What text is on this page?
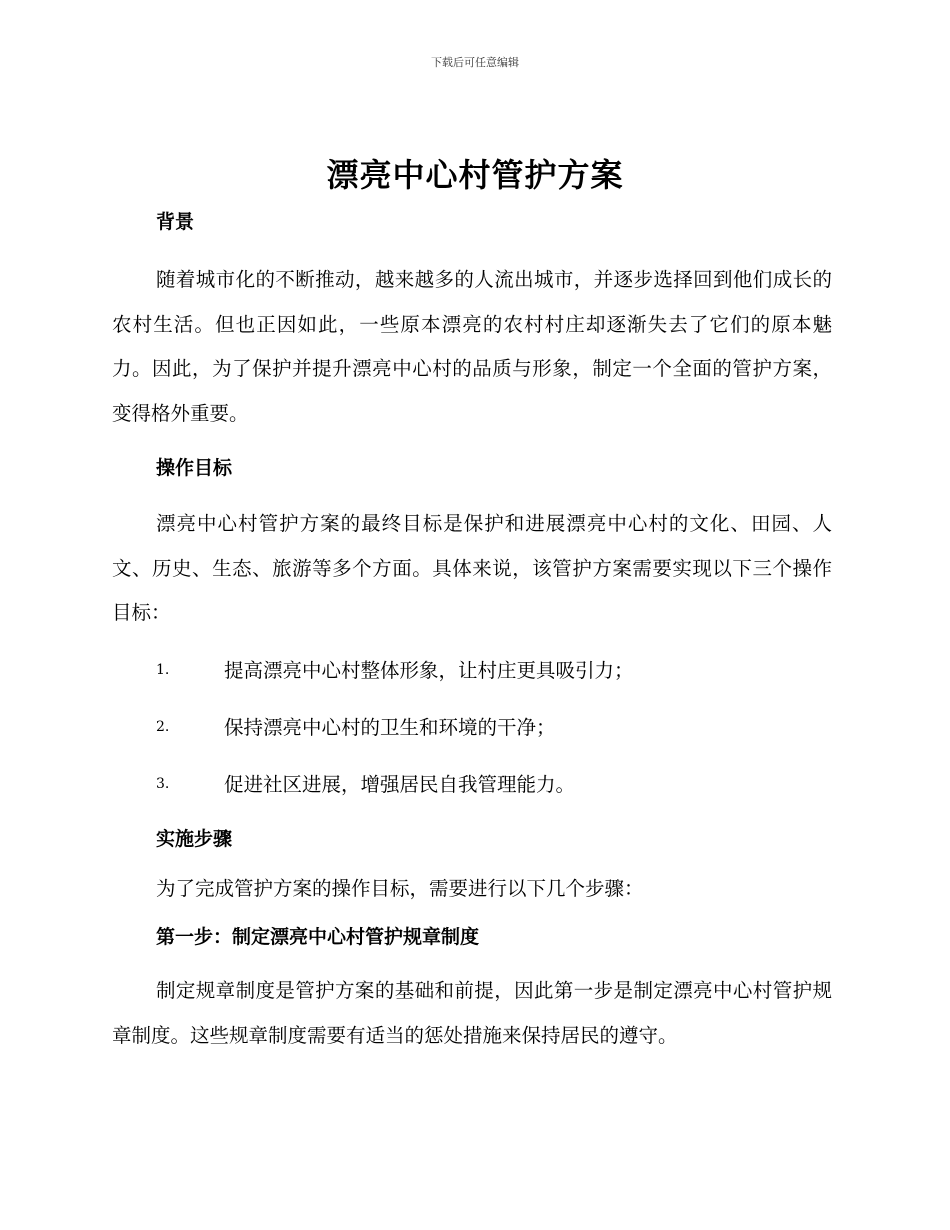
下载后可任意编辑
漂亮中心村管护方案
背景

随着城市化的不断推动，越来越多的人流出城市，并逐步选择回到他们成长的农村生活。但也正因如此，一些原本漂亮的农村村庄却逐渐失去了它们的原本魅力。因此，为了保护并提升漂亮中心村的品质与形象，制定一个全面的管护方案，变得格外重要。

操作目标

漂亮中心村管护方案的最终目标是保护和进展漂亮中心村的文化、田园、人文、历史、生态、旅游等多个方面。具体来说，该管护方案需要实现以下三个操作目标：

1.	提高漂亮中心村整体形象，让村庄更具吸引力；
2.	保持漂亮中心村的卫生和环境的干净；
3.	促进社区进展，增强居民自我管理能力。
实施步骤

为了完成管护方案的操作目标，需要进行以下几个步骤：

第一步：制定漂亮中心村管护规章制度

制定规章制度是管护方案的基础和前提，因此第一步是制定漂亮中心村管护规章制度。这些规章制度需要有适当的惩处措施来保持居民的遵守。
